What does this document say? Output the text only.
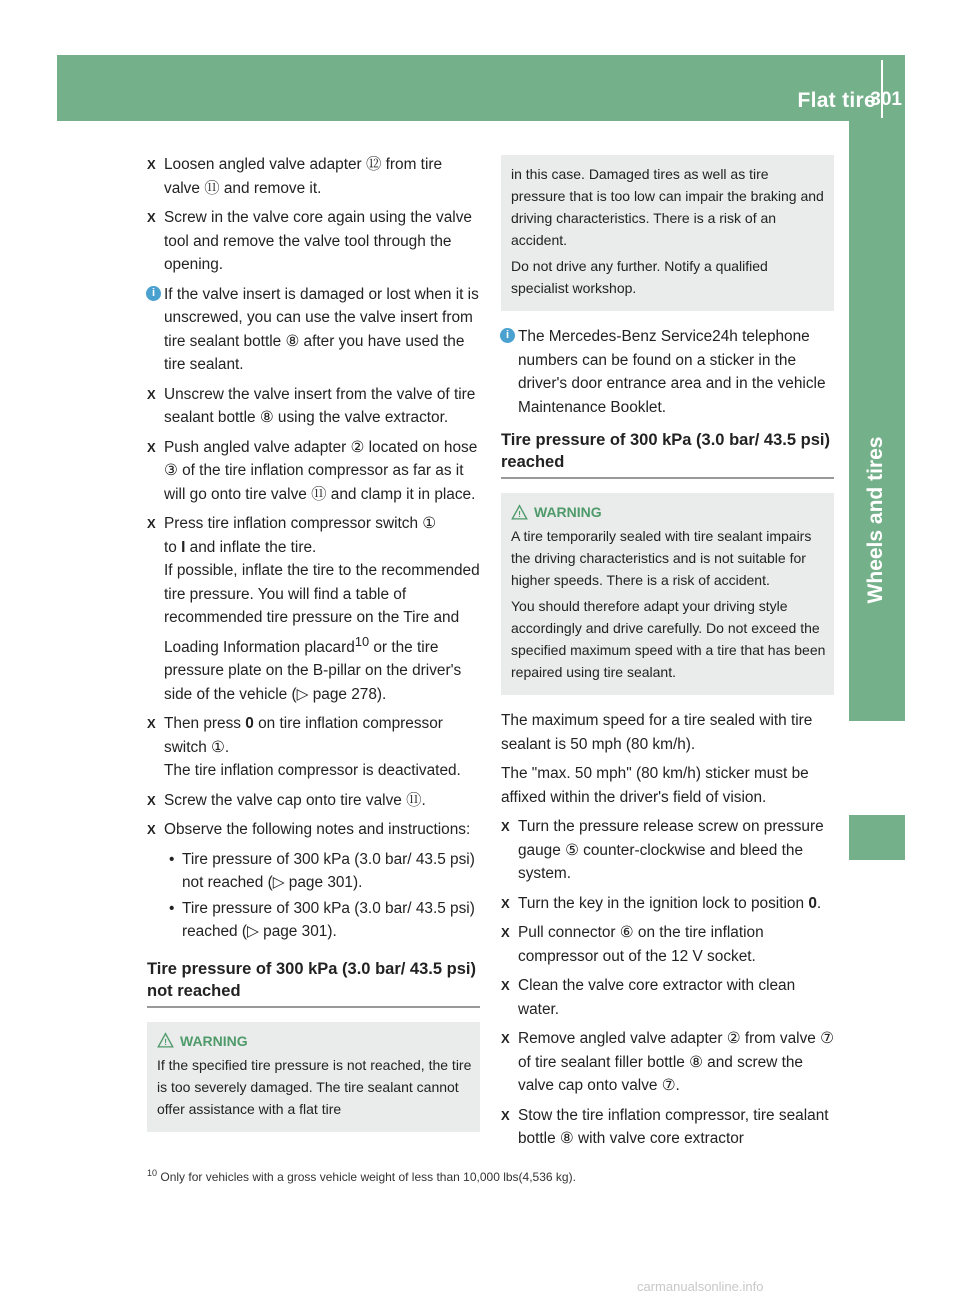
Flat tire
301
Wheels and tires
X Loosen angled valve adapter ⑫ from tire valve ⑪ and remove it.
X Screw in the valve core again using the valve tool and remove the valve tool through the opening.
i If the valve insert is damaged or lost when it is unscrewed, you can use the valve insert from tire sealant bottle ⑧ after you have used the tire sealant.
X Unscrew the valve insert from the valve of tire sealant bottle ⑧ using the valve extractor.
X Push angled valve adapter ② located on hose ③ of the tire inflation compressor as far as it will go onto tire valve ⑪ and clamp it in place.
X Press tire inflation compressor switch ①
to I and inflate the tire.
If possible, inflate the tire to the recommended tire pressure. You will find a table of recommended tire pressure on the Tire and Loading Information placard$^{10}$ or the tire pressure plate on the B-pillar on the driver's side of the vehicle (▷ page 278).
X Then press 0 on tire inflation compressor switch ①.
The tire inflation compressor is deactivated.
X Screw the valve cap onto tire valve ⑪.
X Observe the following notes and instructions:
• Tire pressure of 300 kPa (3.0 bar/ 43.5 psi) not reached (▷ page 301).
• Tire pressure of 300 kPa (3.0 bar/ 43.5 psi) reached (▷ page 301).
Tire pressure of 300 kPa (3.0 bar/ 43.5 psi) not reached
! WARNING

If the specified tire pressure is not reached, the tire is too severely damaged. The tire sealant cannot offer assistance with a flat tire

in this case. Damaged tires as well as tire pressure that is too low can impair the braking and driving characteristics. There is a risk of an accident.

Do not drive any further. Notify a qualified specialist workshop.

i The Mercedes-Benz Service24h telephone numbers can be found on a sticker in the driver's door entrance area and in the vehicle Maintenance Booklet.
Tire pressure of 300 kPa (3.0 bar/ 43.5 psi) reached
! WARNING

A tire temporarily sealed with tire sealant impairs the driving characteristics and is not suitable for higher speeds. There is a risk of accident.

You should therefore adapt your driving style accordingly and drive carefully. Do not exceed the specified maximum speed with a tire that has been repaired using tire sealant.

The maximum speed for a tire sealed with tire sealant is 50 mph (80 km/h).
The "max. 50 mph" (80 km/h) sticker must be affixed within the driver's field of vision.
X Turn the pressure release screw on pressure gauge ⑤ counter-clockwise and bleed the system.
X Turn the key in the ignition lock to position 0.
X Pull connector ⑥ on the tire inflation compressor out of the 12 V socket.
X Clean the valve core extractor with clean water.
X Remove angled valve adapter ② from valve ⑦ of tire sealant filler bottle ⑧ and screw the valve cap onto valve ⑦.
X Stow the tire inflation compressor, tire sealant bottle ⑧ with valve core extractor
$^{10}$ Only for vehicles with a gross vehicle weight of less than 10,000 lbs(4,536 kg).
carmanualsonline.info
